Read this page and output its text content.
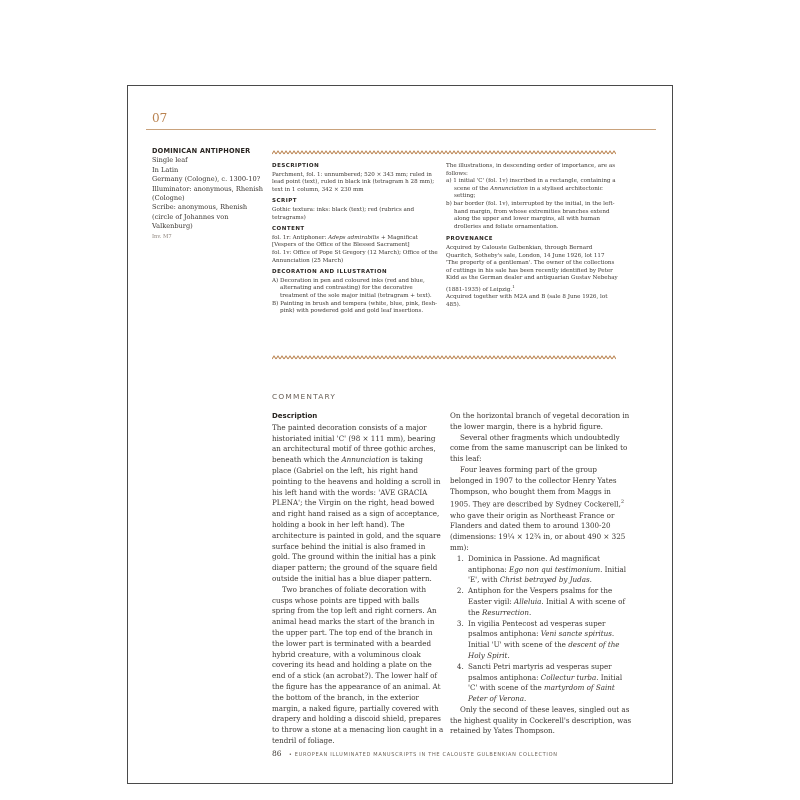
07
DOMINICAN ANTIPHONER
Single leaf
In Latin
Germany (Cologne), c. 1300-10?
Illuminator: anonymous, Rhenish (Cologne)
Scribe: anonymous, Rhenish (circle of Johannes von Valkenburg)
Inv. M7
DESCRIPTION

Parchment, fol. 1: unnumbered; 520 × 343 mm; ruled in lead point (text), ruled in black ink (tetragram h 28 mm); text in 1 column, 342 × 230 mm

SCRIPT

Gothic textura: inks: black (text); red (rubrics and tetragrams)

CONTENT

fol. 1r: Antiphoner: Adeps admirabilis + Magnificat [Vespers of the Office of the Blessed Sacrament]

fol. 1v: Office of Pope St Gregory (12 March); Office of the Annunciation (25 March)

DECORATION AND ILLUSTRATION

A) Decoration in pen and coloured inks (red and blue, alternating and contrasting) for the decorative treatment of the sole major initial (tetragram + text).

B) Painting in brush and tempera (white, blue, pink, flesh-pink) with powdered gold and gold leaf insertions.

The illustrations, in descending order of importance, are as follows:

a) 1 initial 'C' (fol. 1v) inscribed in a rectangle, containing a scene of the Annunciation in a stylised architectonic setting;

b) bar border (fol. 1v), interrupted by the initial, in the left-hand margin, from whose extremities branches extend along the upper and lower margins, all with human drolleries and foliate ornamentation.

PROVENANCE

Acquired by Calouste Gulbenkian, through Bernard Quaritch, Sotheby's sale, London, 14 June 1926, lot 117 'The property of a gentleman'. The owner of the collections of cuttings in his sale has been recently identified by Peter Kidd as the German dealer and antiquarian Gustav Nebehay (1881-1935) of Leipzig.$^1$

Acquired together with M2A and B (sale 8 June 1926, lot 485).

COMMENTARY
Description

The painted decoration consists of a major historiated initial 'C' (98 × 111 mm), bearing an architectural motif of three gothic arches, beneath which the Annunciation is taking place (Gabriel on the left, his right hand pointing to the heavens and holding a scroll in his left hand with the words: 'AVE GRACIA PLENA'; the Virgin on the right, head bowed and right hand raised as a sign of acceptance, holding a book in her left hand). The architecture is painted in gold, and the square surface behind the initial is also framed in gold. The ground within the initial has a pink diaper pattern; the ground of the square field outside the initial has a blue diaper pattern.

Two branches of foliate decoration with cusps whose points are tipped with balls spring from the top left and right corners. An animal head marks the start of the branch in the upper part. The top end of the branch in the lower part is terminated with a bearded hybrid creature, with a voluminous cloak covering its head and holding a plate on the end of a stick (an acrobat?). The lower half of the figure has the appearance of an animal. At the bottom of the branch, in the exterior margin, a naked figure, partially covered with drapery and holding a discoid shield, prepares to throw a stone at a menacing lion caught in a tendril of foliage.

On the horizontal branch of vegetal decoration in the lower margin, there is a hybrid figure.

Several other fragments which undoubtedly come from the same manuscript can be linked to this leaf:

Four leaves forming part of the group belonged in 1907 to the collector Henry Yates Thompson, who bought them from Maggs in 1905. They are described by Sydney Cockerell,$^2$ who gave their origin as Northeast France or Flanders and dated them to around 1300-20 (dimensions: 19¼ × 12¾ in, or about 490 × 325 mm):

1. Dominica in Passione. Ad magnificat antiphona: Ego non qui testimonium. Initial 'E', with Christ betrayed by Judas.
2. Antiphon for the Vespers psalms for the Easter vigil: Alleluia. Initial A with scene of the Resurrection.
3. In vigilia Pentecost ad vesperas super psalmos antiphona: Veni sancte spiritus. Initial 'U' with scene of the descent of the Holy Spirit.
4. Sancti Petri martyris ad vesperas super psalmos antiphona: Collectur turba. Initial 'C' with scene of the martyrdom of Saint Peter of Verona.

Only the second of these leaves, singled out as the highest quality in Cockerell's description, was retained by Yates Thompson.

86 • EUROPEAN ILLUMINATED MANUSCRIPTS IN THE CALOUSTE GULBENKIAN COLLECTION
